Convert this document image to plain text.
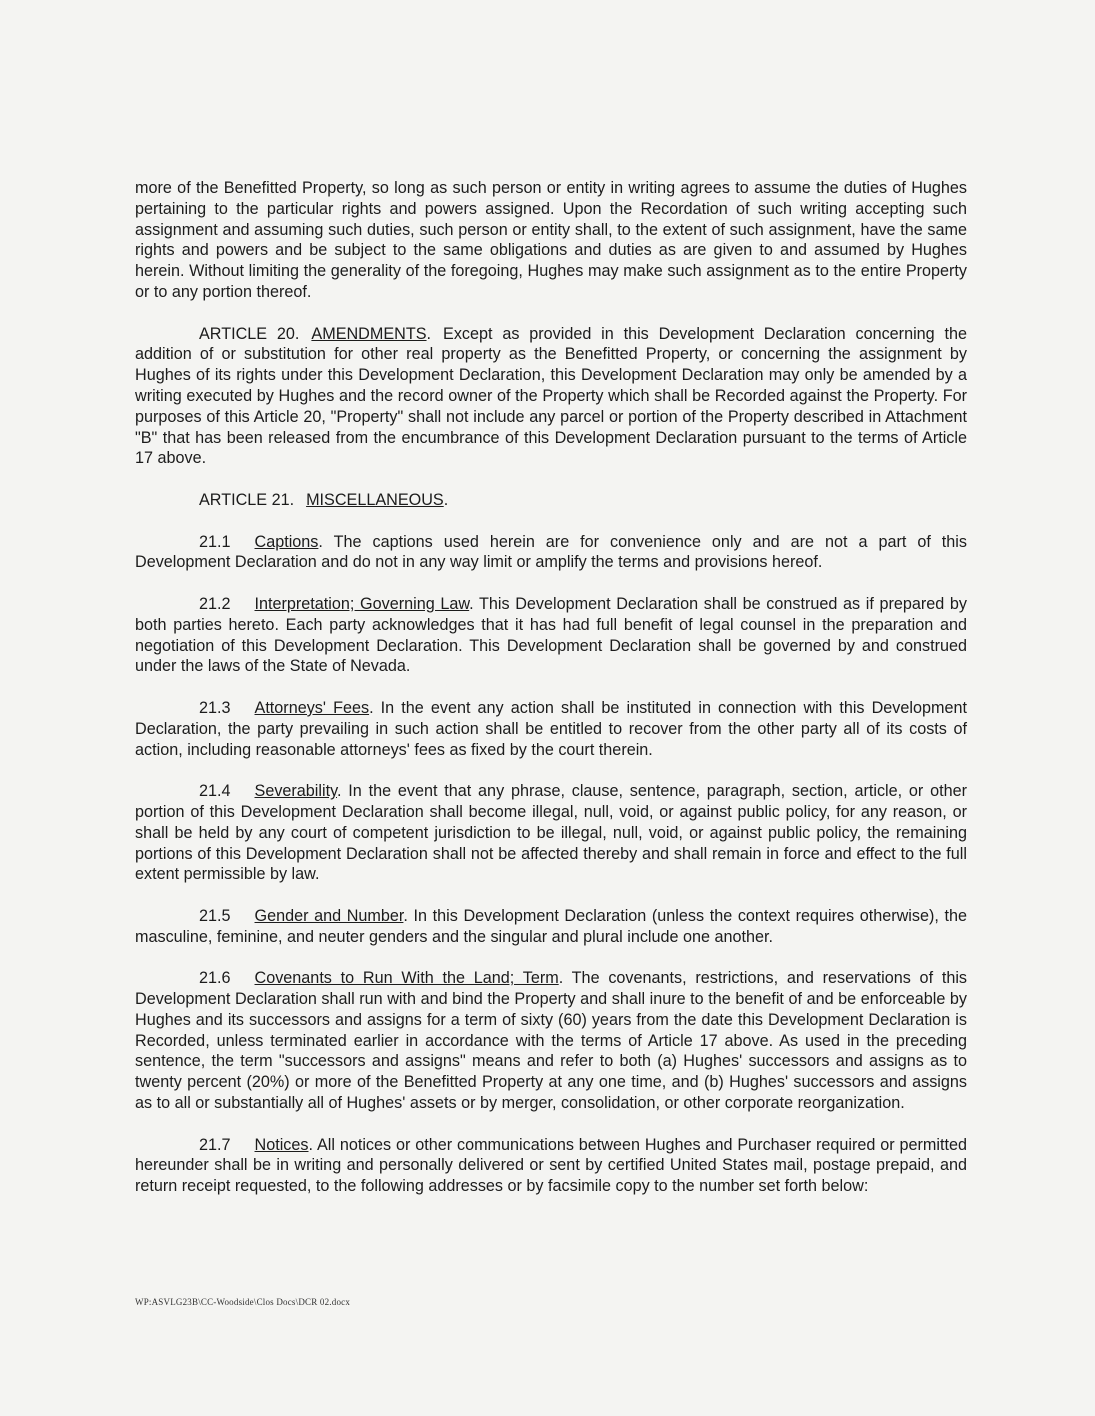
more of the Benefitted Property, so long as such person or entity in writing agrees to assume the duties of Hughes pertaining to the particular rights and powers assigned. Upon the Recordation of such writing accepting such assignment and assuming such duties, such person or entity shall, to the extent of such assignment, have the same rights and powers and be subject to the same obligations and duties as are given to and assumed by Hughes herein. Without limiting the generality of the foregoing, Hughes may make such assignment as to the entire Property or to any portion thereof.

ARTICLE 20. AMENDMENTS. Except as provided in this Development Declaration concerning the addition of or substitution for other real property as the Benefitted Property, or concerning the assignment by Hughes of its rights under this Development Declaration, this Development Declaration may only be amended by a writing executed by Hughes and the record owner of the Property which shall be Recorded against the Property. For purposes of this Article 20, "Property" shall not include any parcel or portion of the Property described in Attachment "B" that has been released from the encumbrance of this Development Declaration pursuant to the terms of Article 17 above.

ARTICLE 21. MISCELLANEOUS.

21.1 Captions. The captions used herein are for convenience only and are not a part of this Development Declaration and do not in any way limit or amplify the terms and provisions hereof.

21.2 Interpretation; Governing Law. This Development Declaration shall be construed as if prepared by both parties hereto. Each party acknowledges that it has had full benefit of legal counsel in the preparation and negotiation of this Development Declaration. This Development Declaration shall be governed by and construed under the laws of the State of Nevada.

21.3 Attorneys' Fees. In the event any action shall be instituted in connection with this Development Declaration, the party prevailing in such action shall be entitled to recover from the other party all of its costs of action, including reasonable attorneys' fees as fixed by the court therein.

21.4 Severability. In the event that any phrase, clause, sentence, paragraph, section, article, or other portion of this Development Declaration shall become illegal, null, void, or against public policy, for any reason, or shall be held by any court of competent jurisdiction to be illegal, null, void, or against public policy, the remaining portions of this Development Declaration shall not be affected thereby and shall remain in force and effect to the full extent permissible by law.

21.5 Gender and Number. In this Development Declaration (unless the context requires otherwise), the masculine, feminine, and neuter genders and the singular and plural include one another.

21.6 Covenants to Run With the Land; Term. The covenants, restrictions, and reservations of this Development Declaration shall run with and bind the Property and shall inure to the benefit of and be enforceable by Hughes and its successors and assigns for a term of sixty (60) years from the date this Development Declaration is Recorded, unless terminated earlier in accordance with the terms of Article 17 above. As used in the preceding sentence, the term "successors and assigns" means and refer to both (a) Hughes' successors and assigns as to twenty percent (20%) or more of the Benefitted Property at any one time, and (b) Hughes' successors and assigns as to all or substantially all of Hughes' assets or by merger, consolidation, or other corporate reorganization.

21.7 Notices. All notices or other communications between Hughes and Purchaser required or permitted hereunder shall be in writing and personally delivered or sent by certified United States mail, postage prepaid, and return receipt requested, to the following addresses or by facsimile copy to the number set forth below:

WP:ASVLG23B\CC-Woodside\Clos Docs\DCR 02.docx
